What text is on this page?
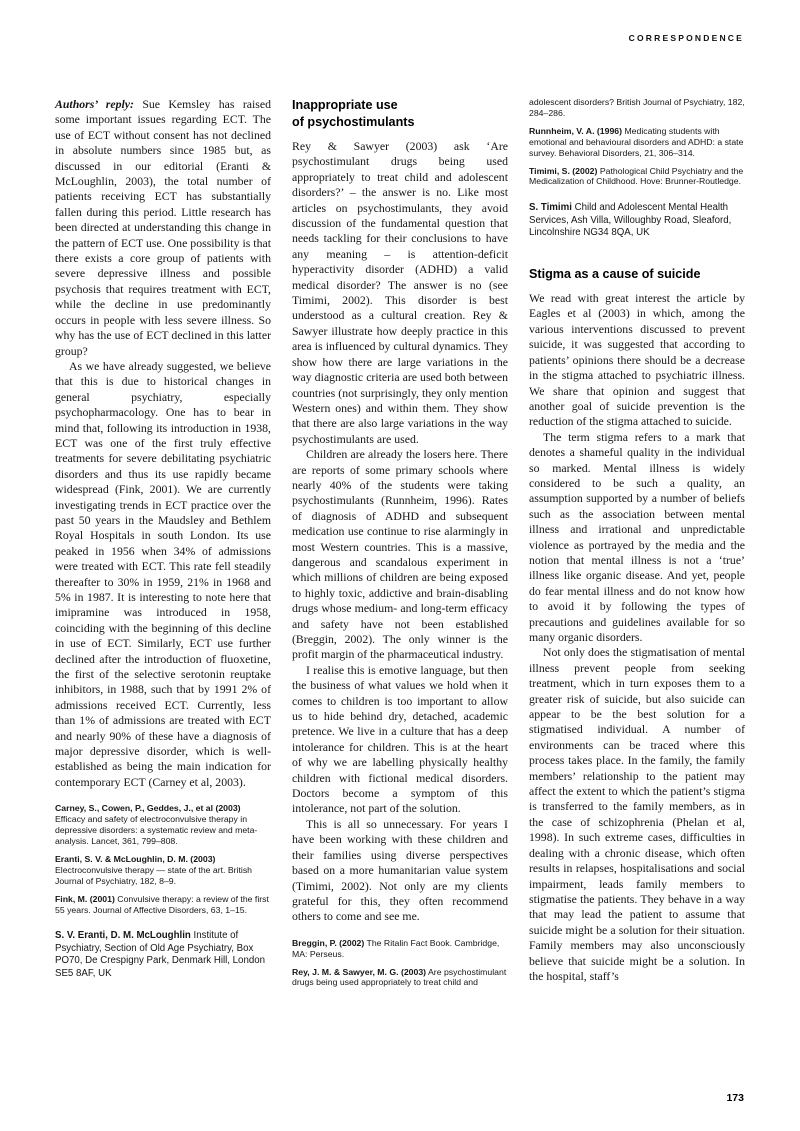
CORRESPONDENCE

Authors’ reply: Sue Kemsley has raised some important issues regarding ECT. The use of ECT without consent has not declined in absolute numbers since 1985 but, as discussed in our editorial (Eranti & McLoughlin, 2003), the total number of patients receiving ECT has substantially fallen during this period. Little research has been directed at understanding this change in the pattern of ECT use. One possibility is that there exists a core group of patients with severe depressive illness and possible psychosis that requires treatment with ECT, while the decline in use predominantly occurs in people with less severe illness. So why has the use of ECT declined in this latter group?

As we have already suggested, we believe that this is due to historical changes in general psychiatry, especially psychopharmacology. One has to bear in mind that, following its introduction in 1938, ECT was one of the first truly effective treatments for severe debilitating psychiatric disorders and thus its use rapidly became widespread (Fink, 2001). We are currently investigating trends in ECT practice over the past 50 years in the Maudsley and Bethlem Royal Hospitals in south London. Its use peaked in 1956 when 34% of admissions were treated with ECT. This rate fell steadily thereafter to 30% in 1959, 21% in 1968 and 5% in 1987. It is interesting to note here that imipramine was introduced in 1958, coinciding with the beginning of this decline in use of ECT. Similarly, ECT use further declined after the introduction of fluoxetine, the first of the selective serotonin reuptake inhibitors, in 1988, such that by 1991 2% of admissions received ECT. Currently, less than 1% of admissions are treated with ECT and nearly 90% of these have a diagnosis of major depressive disorder, which is well-established as being the main indication for contemporary ECT (Carney et al, 2003).

Carney, S., Cowen, P., Geddes, J., et al (2003) Efficacy and safety of electroconvulsive therapy in depressive disorders: a systematic review and meta-analysis. Lancet, 361, 799–808.

Eranti, S. V. & McLoughlin, D. M. (2003) Electroconvulsive therapy — state of the art. British Journal of Psychiatry, 182, 8–9.

Fink, M. (2001) Convulsive therapy: a review of the first 55 years. Journal of Affective Disorders, 63, 1–15.

S. V. Eranti, D. M. McLoughlin Institute of Psychiatry, Section of Old Age Psychiatry, Box PO70, De Crespigny Park, Denmark Hill, London SE5 8AF, UK
Inappropriate use
of psychostimulants

Rey & Sawyer (2003) ask ‘Are psychostimulant drugs being used appropriately to treat child and adolescent disorders?’ – the answer is no. Like most articles on psychostimulants, they avoid discussion of the fundamental question that needs tackling for their conclusions to have any meaning – is attention-deficit hyperactivity disorder (ADHD) a valid medical disorder? The answer is no (see Timimi, 2002). This disorder is best understood as a cultural creation. Rey & Sawyer illustrate how deeply practice in this area is influenced by cultural dynamics. They show how there are large variations in the way diagnostic criteria are used both between countries (not surprisingly, they only mention Western ones) and within them. They show that there are also large variations in the way psychostimulants are used.

Children are already the losers here. There are reports of some primary schools where nearly 40% of the students were taking psychostimulants (Runnheim, 1996). Rates of diagnosis of ADHD and subsequent medication use continue to rise alarmingly in most Western countries. This is a massive, dangerous and scandalous experiment in which millions of children are being exposed to highly toxic, addictive and brain-disabling drugs whose medium- and long-term efficacy and safety have not been established (Breggin, 2002). The only winner is the profit margin of the pharmaceutical industry.

I realise this is emotive language, but then the business of what values we hold when it comes to children is too important to allow us to hide behind dry, detached, academic pretence. We live in a culture that has a deep intolerance for children. This is at the heart of why we are labelling physically healthy children with fictional medical disorders. Doctors become a symptom of this intolerance, not part of the solution.

This is all so unnecessary. For years I have been working with these children and their families using diverse perspectives based on a more humanitarian value system (Timimi, 2002). Not only are my clients grateful for this, they often recommend others to come and see me.

Breggin, P. (2002) The Ritalin Fact Book. Cambridge, MA: Perseus.

Rey, J. M. & Sawyer, M. G. (2003) Are psychostimulant drugs being used appropriately to treat child and

adolescent disorders? British Journal of Psychiatry, 182, 284–286.

Runnheim, V. A. (1996) Medicating students with emotional and behavioural disorders and ADHD: a state survey. Behavioral Disorders, 21, 306–314.

Timimi, S. (2002) Pathological Child Psychiatry and the Medicalization of Childhood. Hove: Brunner-Routledge.

S. Timimi Child and Adolescent Mental Health Services, Ash Villa, Willoughby Road, Sleaford, Lincolnshire NG34 8QA, UK
Stigma as a cause of suicide

We read with great interest the article by Eagles et al (2003) in which, among the various interventions discussed to prevent suicide, it was suggested that according to patients’ opinions there should be a decrease in the stigma attached to psychiatric illness. We share that opinion and suggest that another goal of suicide prevention is the reduction of the stigma attached to suicide.

The term stigma refers to a mark that denotes a shameful quality in the individual so marked. Mental illness is widely considered to be such a quality, an assumption supported by a number of beliefs such as the association between mental illness and irrational and unpredictable violence as portrayed by the media and the notion that mental illness is not a ‘true’ illness like organic disease. And yet, people do fear mental illness and do not know how to avoid it by following the types of precautions and guidelines available for so many organic disorders.

Not only does the stigmatisation of mental illness prevent people from seeking treatment, which in turn exposes them to a greater risk of suicide, but also suicide can appear to be the best solution for a stigmatised individual. A number of environments can be traced where this process takes place. In the family, the family members’ relationship to the patient may affect the extent to which the patient’s stigma is transferred to the family members, as in the case of schizophrenia (Phelan et al, 1998). In such extreme cases, difficulties in dealing with a chronic disease, which often results in relapses, hospitalisations and social impairment, leads family members to stigmatise the patients. They behave in a way that may lead the patient to assume that suicide might be a solution for their situation. Family members may also unconsciously believe that suicide might be a solution. In the hospital, staff’s

173
